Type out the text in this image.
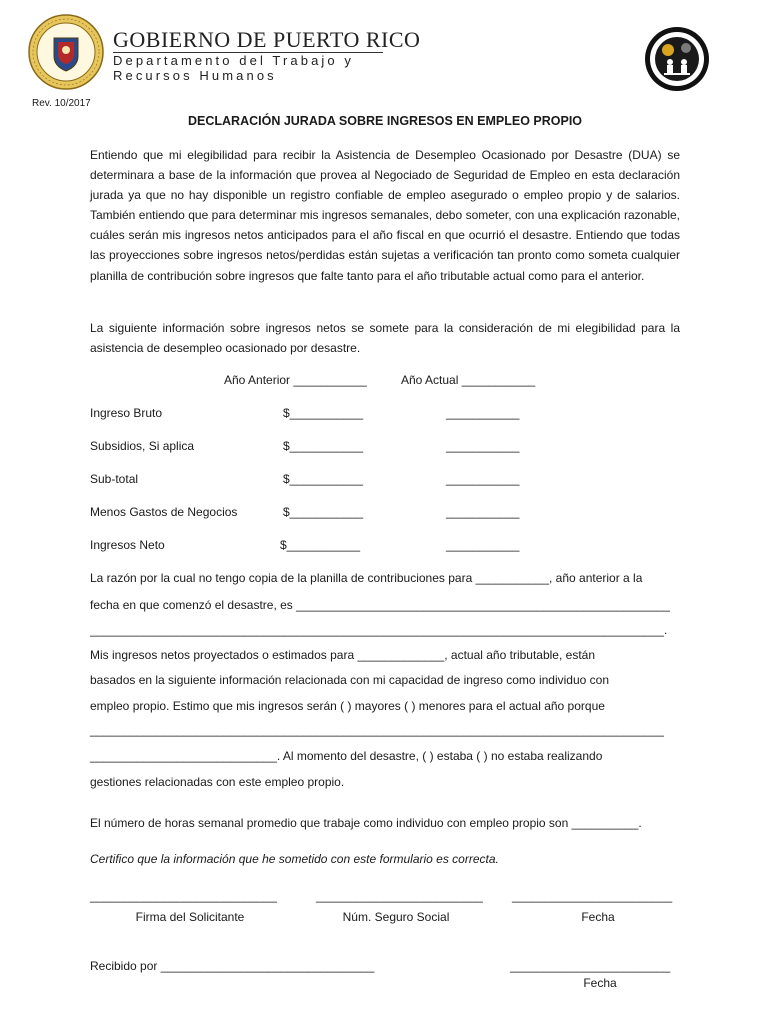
GOBIERNO DE PUERTO RICO
Departamento del Trabajo y
Recursos Humanos
Rev. 10/2017
DECLARACIÓN JURADA SOBRE INGRESOS EN EMPLEO PROPIO
Entiendo que mi elegibilidad para recibir la Asistencia de Desempleo Ocasionado por Desastre (DUA) se determinara a base de la información que provea al Negociado de Seguridad de Empleo en esta declaración jurada ya que no hay disponible un registro confiable de empleo asegurado o empleo propio y de salarios. También entiendo que para determinar mis ingresos semanales, debo someter, con una explicación razonable, cuáles serán mis ingresos netos anticipados para el año fiscal en que ocurrió el desastre. Entiendo que todas las proyecciones sobre ingresos netos/perdidas están sujetas a verificación tan pronto como someta cualquier planilla de contribución sobre ingresos que falte tanto para el año tributable actual como para el anterior.
La siguiente información sobre ingresos netos se somete para la consideración de mi elegibilidad para la asistencia de desempleo ocasionado por desastre.
Año Anterior ___________	Año Actual ___________
Ingreso Bruto	$___________	___________
Subsidios, Si aplica	$___________	___________
Sub-total	$___________	___________
Menos Gastos de Negocios	$___________	___________
Ingresos Neto	$___________	___________
La razón por la cual no tengo copia de la planilla de contribuciones para ___________, año anterior a la
fecha en que comenzó el desastre, es ________________________________________________________
______________________________________________________________________________________.
Mis ingresos netos proyectados o estimados para _____________, actual año tributable, están
basados en la siguiente información relacionada con mi capacidad de ingreso como individuo con
empleo propio. Estimo que mis ingresos serán ( ) mayores ( ) menores para el actual año porque
______________________________________________________________________________________
____________________________. Al momento del desastre, ( ) estaba ( ) no estaba realizando
gestiones relacionadas con este empleo propio.
El número de horas semanal promedio que trabaje como individuo con empleo propio son __________.
Certifico que la información que he sometido con este formulario es correcta.
____________________________	_________________________ ________________________
Firma del Solicitante	Núm. Seguro Social	Fecha
Recibido por ________________________________	________________________
Fecha
